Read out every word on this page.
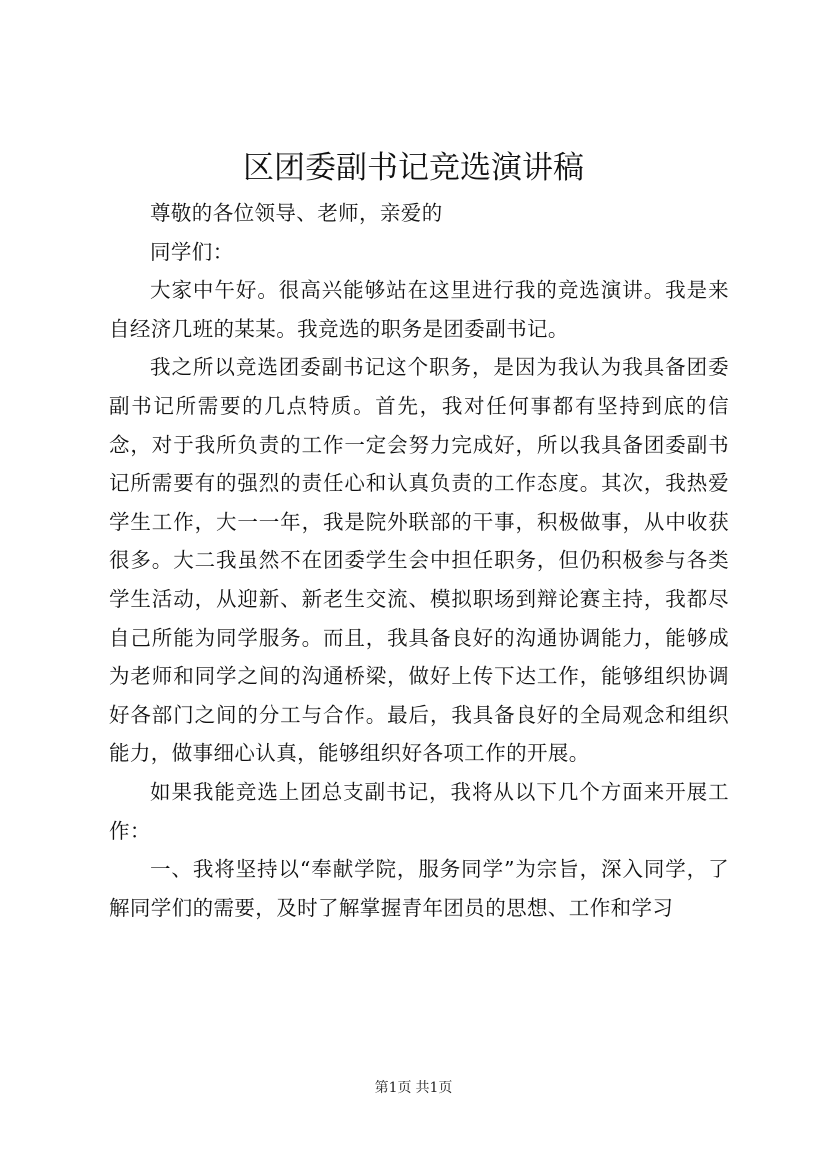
区团委副书记竞选演讲稿

尊敬的各位领导、老师，亲爱的

同学们：

大家中午好。很高兴能够站在这里进行我的竞选演讲。我是来自经济几班的某某。我竞选的职务是团委副书记。

我之所以竞选团委副书记这个职务，是因为我认为我具备团委副书记所需要的几点特质。首先，我对任何事都有坚持到底的信念，对于我所负责的工作一定会努力完成好，所以我具备团委副书记所需要有的强烈的责任心和认真负责的工作态度。其次，我热爱学生工作，大一一年，我是院外联部的干事，积极做事，从中收获很多。大二我虽然不在团委学生会中担任职务，但仍积极参与各类学生活动，从迎新、新老生交流、模拟职场到辩论赛主持，我都尽自己所能为同学服务。而且，我具备良好的沟通协调能力，能够成为老师和同学之间的沟通桥梁，做好上传下达工作，能够组织协调好各部门之间的分工与合作。最后，我具备良好的全局观念和组织能力，做事细心认真，能够组织好各项工作的开展。

如果我能竞选上团总支副书记，我将从以下几个方面来开展工作：

一、我将坚持以“奉献学院，服务同学”为宗旨，深入同学，了解同学们的需要，及时了解掌握青年团员的思想、工作和学习

第1页 共1页
